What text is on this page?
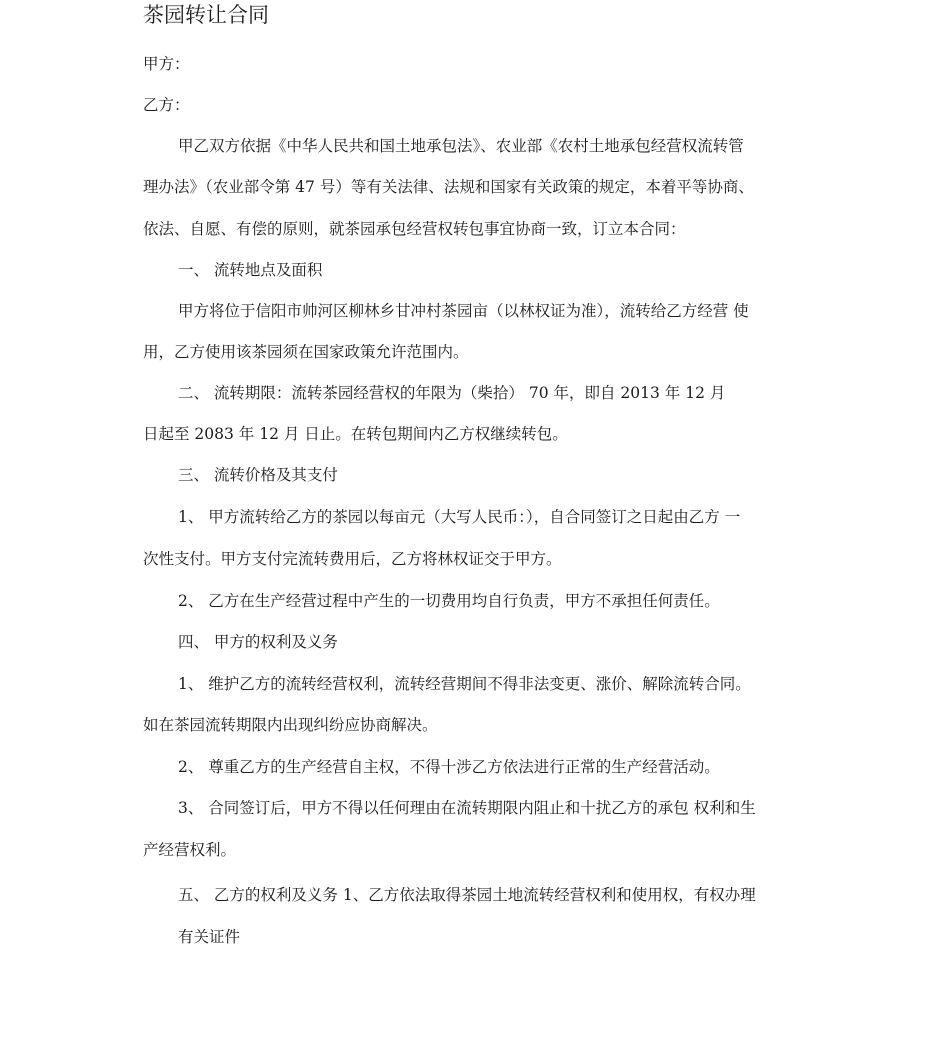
茶园转让合同

甲方：

乙方：

甲乙双方依据《中华人民共和国土地承包法》、农业部《农村土地承包经营权流转管

理办法》（农业部令第 47 号）等有关法律、法规和国家有关政策的规定，本着平等协商、

依法、自愿、有偿的原则，就茶园承包经营权转包事宜协商一致，订立本合同：

一、 流转地点及面积

甲方将位于信阳市帅河区柳林乡甘冲村茶园亩（以林权证为准），流转给乙方经营 使

用，乙方使用该茶园须在国家政策允许范围内。

二、 流转期限：流转茶园经营权的年限为（柴拾） 70 年，即自 2013 年 12 月

日起至 2083 年 12 月 日止。在转包期间内乙方权继续转包。

三、 流转价格及其支付

1、 甲方流转给乙方的茶园以每亩元（大写人民币：），自合同签订之日起由乙方 一

次性支付。甲方支付完流转费用后，乙方将林权证交于甲方。

2、 乙方在生产经营过程中产生的一切费用均自行负责，甲方不承担任何责任。

四、 甲方的权利及义务

1、 维护乙方的流转经营权利，流转经营期间不得非法变更、涨价、解除流转合同。

如在茶园流转期限内出现纠纷应协商解决。

2、 尊重乙方的生产经营自主权，不得十涉乙方依法进行正常的生产经营活动。

3、 合同签订后，甲方不得以任何理由在流转期限内阻止和十扰乙方的承包 权利和生

产经营权利。

五、 乙方的权利及义务 1、乙方依法取得茶园土地流转经营权利和使用权，有权办理

有关证件
